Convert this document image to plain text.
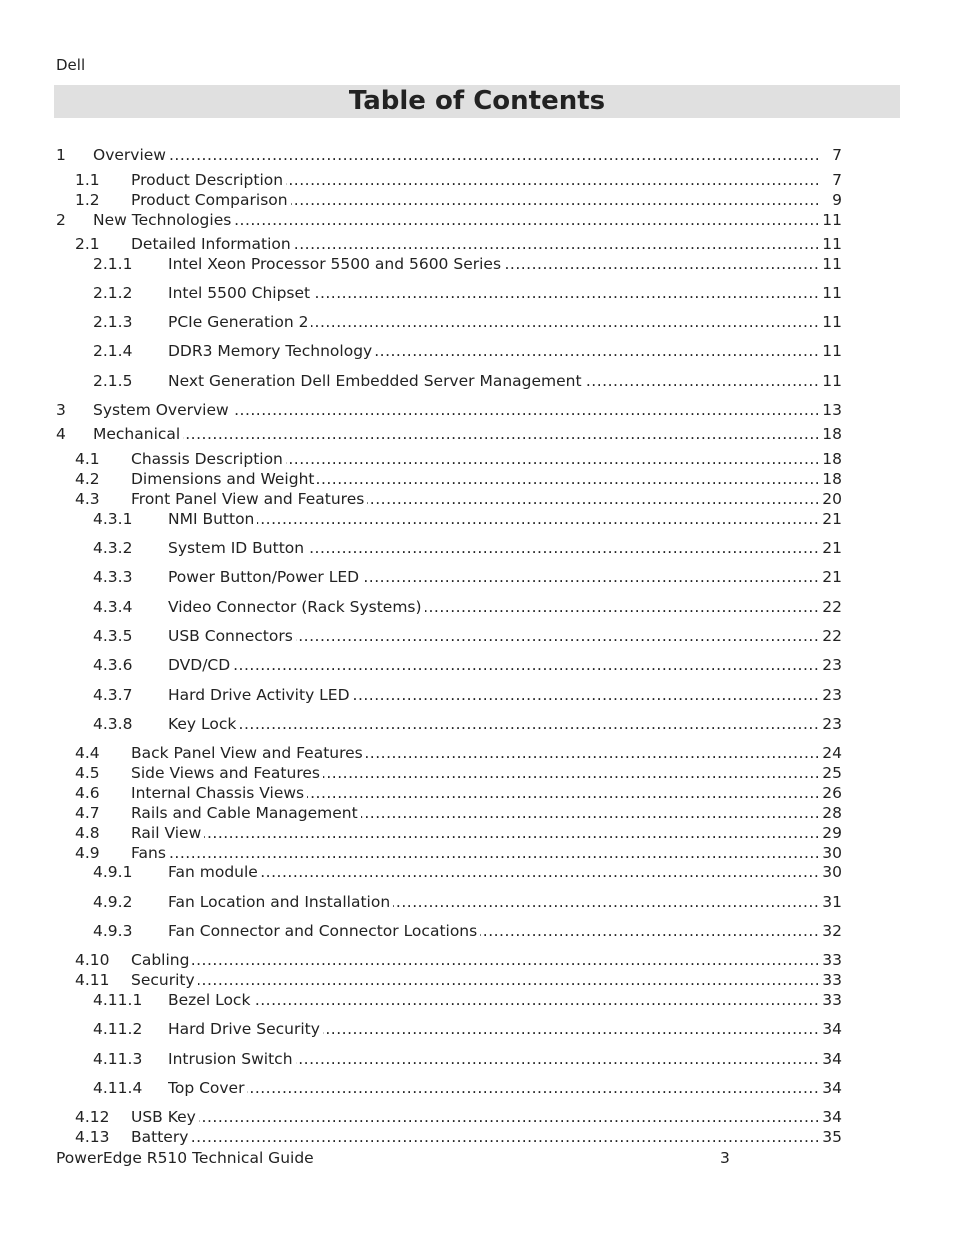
Dell
Table of Contents
1 Overview .....	7
1.1 Product Description .....	7
1.2 Product Comparison .....	9
2 New Technologies .....	11
2.1 Detailed Information .....	11
2.1.1 Intel Xeon Processor 5500 and 5600 Series .....	11
2.1.2 Intel 5500 Chipset .....	11
2.1.3 PCIe Generation 2 .....	11
2.1.4 DDR3 Memory Technology .....	11
2.1.5 Next Generation Dell Embedded Server Management .....	11
3 System Overview .....	13
4 Mechanical .....	18
4.1 Chassis Description .....	18
4.2 Dimensions and Weight .....	18
4.3 Front Panel View and Features .....	20
4.3.1 NMI Button .....	21
4.3.2 System ID Button .....	21
4.3.3 Power Button/Power LED .....	21
4.3.4 Video Connector (Rack Systems) .....	22
4.3.5 USB Connectors .....	22
4.3.6 DVD/CD .....	23
4.3.7 Hard Drive Activity LED .....	23
4.3.8 Key Lock .....	23
4.4 Back Panel View and Features .....	24
4.5 Side Views and Features .....	25
4.6 Internal Chassis Views .....	26
4.7 Rails and Cable Management .....	28
4.8 Rail View .....	29
4.9 Fans .....	30
4.9.1 Fan module .....	30
4.9.2 Fan Location and Installation .....	31
4.9.3 Fan Connector and Connector Locations .....	32
4.10 Cabling .....	33
4.11 Security .....	33
4.11.1 Bezel Lock .....	33
4.11.2 Hard Drive Security .....	34
4.11.3 Intrusion Switch .....	34
4.11.4 Top Cover .....	34
4.12 USB Key .....	34
4.13 Battery .....	35
PowerEdge R510 Technical Guide	3
